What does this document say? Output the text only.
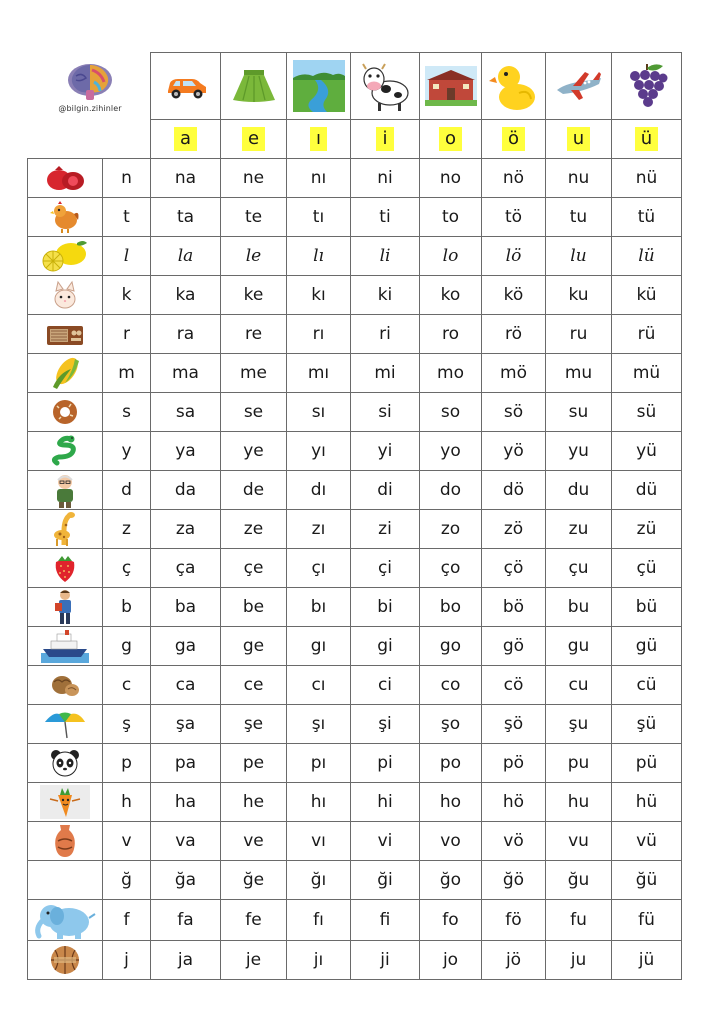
@bilgin.zihinler

		a	e	ı	i	o	ö	u	ü

	n	na	ne	nı	ni	no	nö	nu	nü

	t	ta	te	tı	ti	to	tö	tu	tü

	l	la	le	lı	li	lo	lö	lu	lü

	k	ka	ke	kı	ki	ko	kö	ku	kü

	r	ra	re	rı	ri	ro	rö	ru	rü

	m	ma	me	mı	mi	mo	mö	mu	mü

	s	sa	se	sı	si	so	sö	su	sü

	y	ya	ye	yı	yi	yo	yö	yu	yü

	d	da	de	dı	di	do	dö	du	dü

	z	za	ze	zı	zi	zo	zö	zu	zü

	ç	ça	çe	çı	çi	ço	çö	çu	çü

	b	ba	be	bı	bi	bo	bö	bu	bü

	g	ga	ge	gı	gi	go	gö	gu	gü

	c	ca	ce	cı	ci	co	cö	cu	cü

	ş	şa	şe	şı	şi	şo	şö	şu	şü

	p	pa	pe	pı	pi	po	pö	pu	pü

	h	ha	he	hı	hi	ho	hö	hu	hü

	v	va	ve	vı	vi	vo	vö	vu	vü
	ğ	ğa	ğe	ğı	ği	ğo	ğö	ğu	ğü

	f	fa	fe	fı	fi	fo	fö	fu	fü

	j	ja	je	jı	ji	jo	jö	ju	jü
